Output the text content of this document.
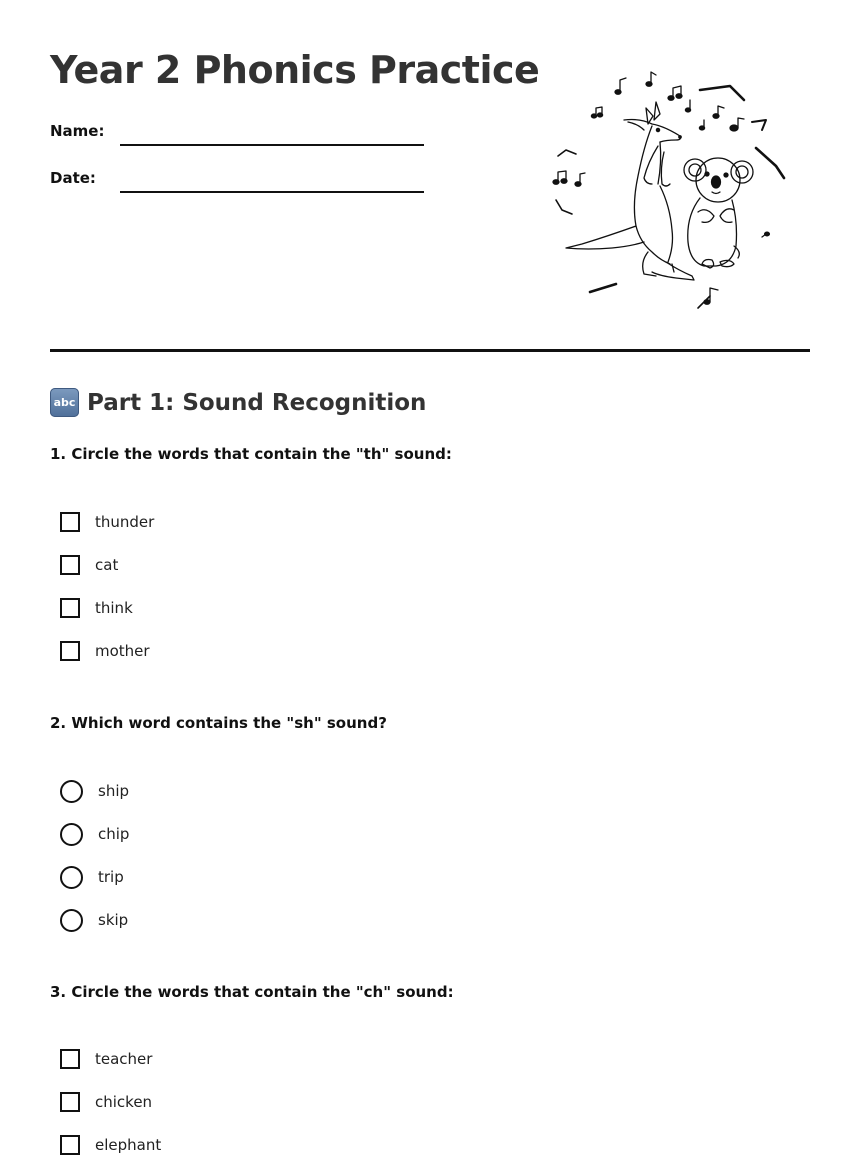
Year 2 Phonics Practice
Name:
Date:
abc Part 1: Sound Recognition

1. Circle the words that contain the "th" sound:

thunder
cat
think
mother

2. Which word contains the "sh" sound?

ship
chip
trip
skip

3. Circle the words that contain the "ch" sound:

teacher
chicken
elephant
